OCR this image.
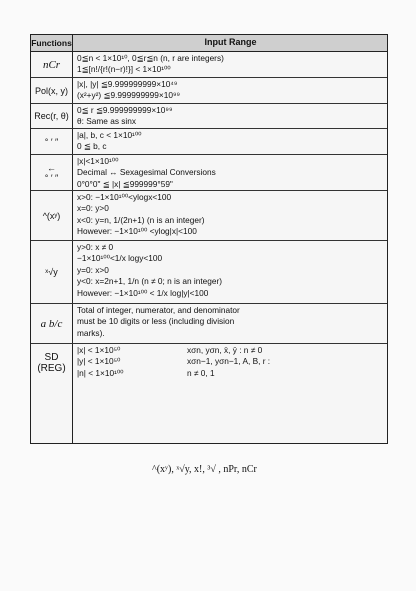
Functions	Input Range
nCr
0≦n < 1×10¹⁰, 0≦r≦n (n, r are integers)
1≦[n!/{r!(n−r)!}] < 1×10¹⁰⁰
Pol(x, y)
|x|, |y| ≦9.999999999×10⁴⁹
(x²+y²) ≦9.999999999×10⁹⁹
Rec(r, θ)
0≦ r ≦9.999999999×10⁹⁹
θ: Same as sinx
° ′ ″
|a|, b, c < 1×10¹⁰⁰
0 ≦ b, c
←
° ′ ″
|x|<1×10¹⁰⁰
Decimal ↔ Sexagesimal Conversions
0°0°0" ≦ |x| ≦999999°59"
^(xʸ)
x>0: −1×10¹⁰⁰<ylogx<100
x=0: y>0
x<0: y=n, 1/(2n+1) (n is an integer)
However: −1×10¹⁰⁰ <ylog|x|<100
ˣ√y
y>0: x ≠ 0
−1×10¹⁰⁰<1/x logy<100
y=0: x>0
y<0: x=2n+1, 1/n (n ≠ 0; n is an integer)
However: −1×10¹⁰⁰ < 1/x log|y|<100
a b/c
Total of integer, numerator, and denominator
must be 10 digits or less (including division
marks).
SD
(REG)
|x| < 1×10⁵⁰
|y| < 1×10⁵⁰
|n| < 1×10¹⁰⁰
xσn, yσn, x̄, ȳ : n ≠ 0
xσn−1, yσn−1, A, B, r :
n ≠ 0, 1
^(xʸ), ˣ√y, x!, ³√ , nPr, nCr
